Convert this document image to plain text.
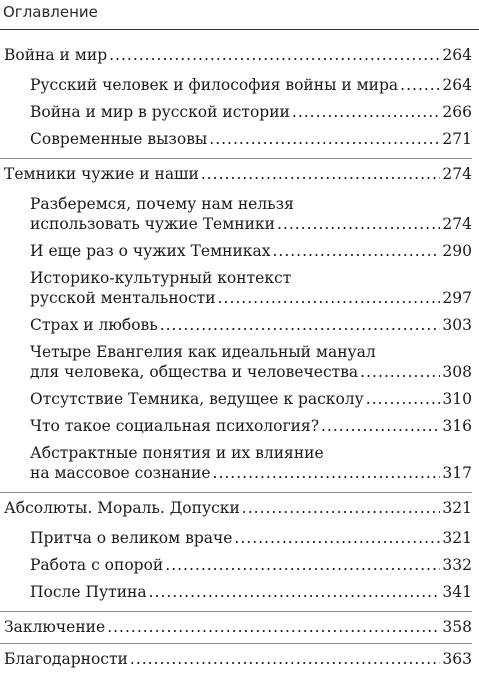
Оглавление
Война и мир .....	264
Русский человек и философия войны и мира .....	264
Война и мир в русской истории .....	266
Современные вызовы .....	271
Темники чужие и наши .....	274
Разберемся, почему нам нельзя
использовать чужие Темники .....	274
И еще раз о чужих Темниках .....	290
Историко-культурный контекст
русской ментальности .....	297
Страх и любовь .....	303
Четыре Евангелия как идеальный мануал
для человека, общества и человечества .....	308
Отсутствие Темника, ведущее к расколу .....	310
Что такое социальная психология? .....	316
Абстрактные понятия и их влияние
на массовое сознание .....	317
Абсолюты. Мораль. Допуски .....	321
Притча о великом враче .....	321
Работа с опорой .....	332
После Путина .....	341
Заключение .....	358
Благодарности .....	363
